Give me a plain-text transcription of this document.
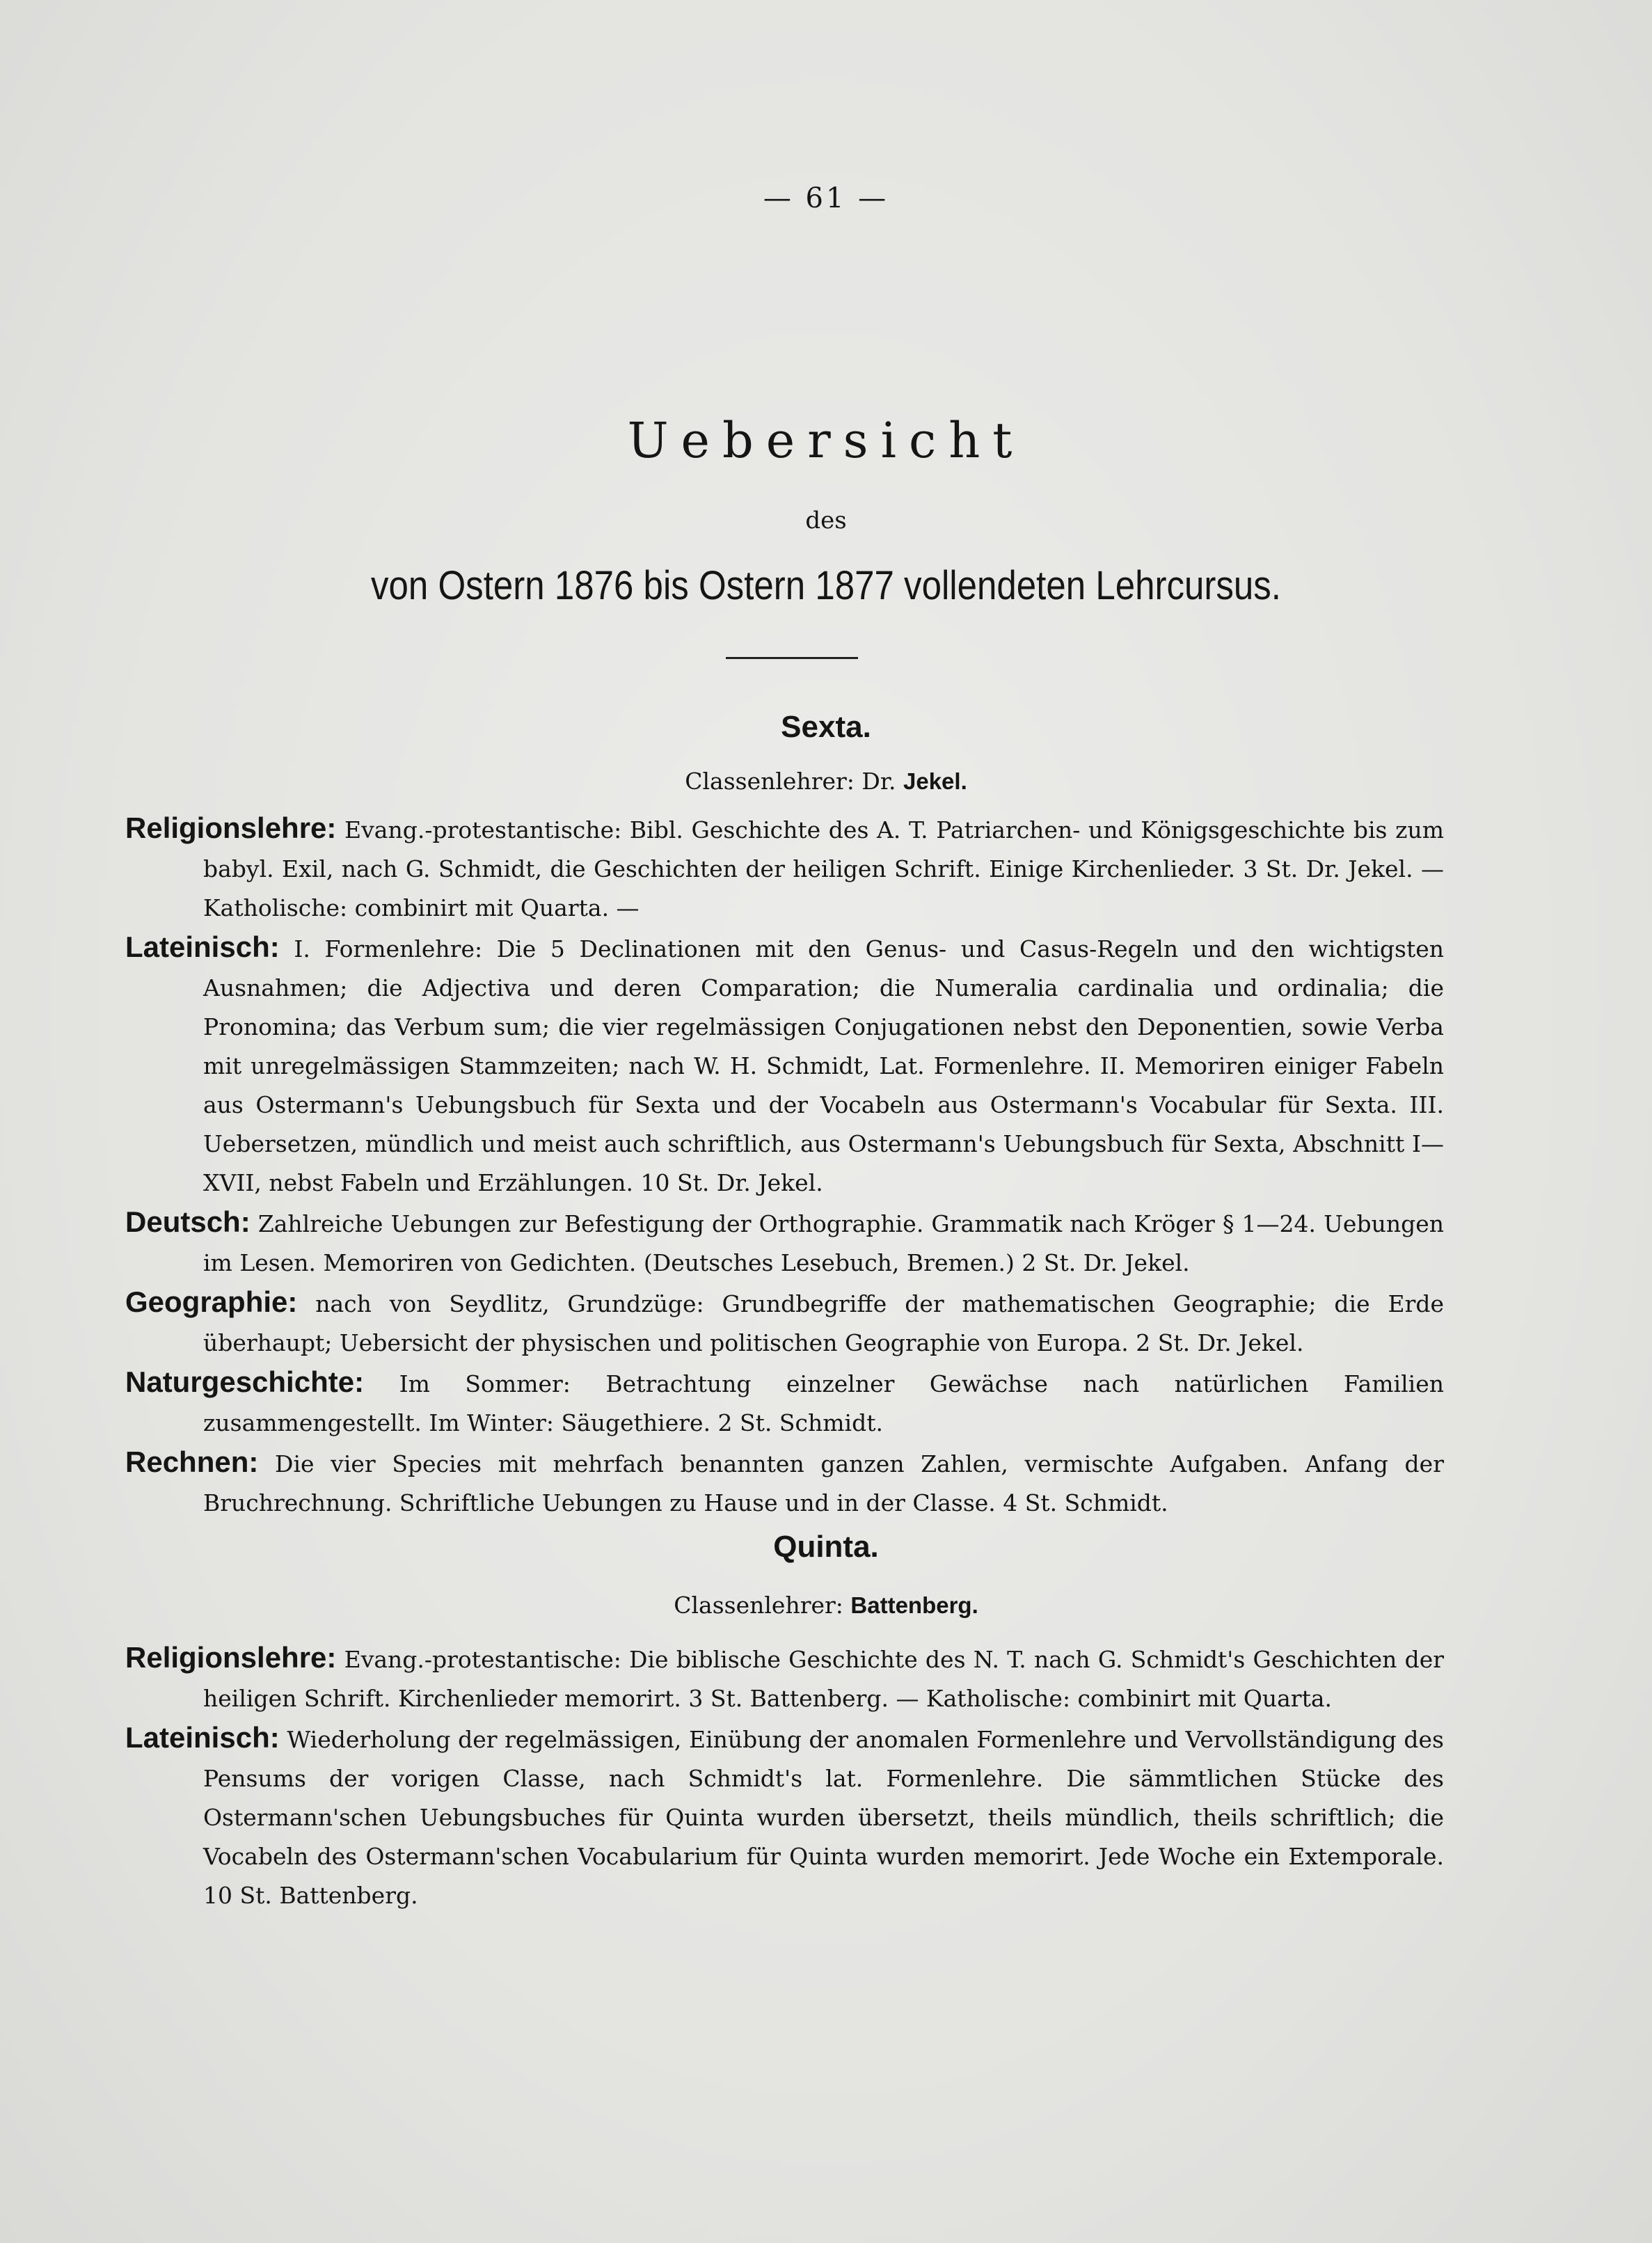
— 61 —
Uebersicht
des
von Ostern 1876 bis Ostern 1877 vollendeten Lehrcursus.
Sexta.
Classenlehrer: Dr. Jekel.
Religionslehre: Evang.-protestantische: Bibl. Geschichte des A. T. Patriarchen- und Königsgeschichte bis zum babyl. Exil, nach G. Schmidt, die Geschichten der heiligen Schrift. Einige Kirchenlieder. 3 St. Dr. Jekel. — Katholische: combinirt mit Quarta. —
Lateinisch: I. Formenlehre: Die 5 Declinationen mit den Genus- und Casus-Regeln und den wichtigsten Ausnahmen; die Adjectiva und deren Comparation; die Numeralia cardinalia und ordinalia; die Pronomina; das Verbum sum; die vier regelmässigen Conjugationen nebst den Deponentien, sowie Verba mit unregelmässigen Stammzeiten; nach W. H. Schmidt, Lat. Formenlehre. II. Memoriren einiger Fabeln aus Ostermann's Uebungsbuch für Sexta und der Vocabeln aus Ostermann's Vocabular für Sexta. III. Uebersetzen, mündlich und meist auch schriftlich, aus Ostermann's Uebungsbuch für Sexta, Abschnitt I—XVII, nebst Fabeln und Erzählungen. 10 St. Dr. Jekel.
Deutsch: Zahlreiche Uebungen zur Befestigung der Orthographie. Grammatik nach Kröger § 1—24. Uebungen im Lesen. Memoriren von Gedichten. (Deutsches Lesebuch, Bremen.) 2 St. Dr. Jekel.
Geographie: nach von Seydlitz, Grundzüge: Grundbegriffe der mathematischen Geographie; die Erde überhaupt; Uebersicht der physischen und politischen Geographie von Europa. 2 St. Dr. Jekel.
Naturgeschichte: Im Sommer: Betrachtung einzelner Gewächse nach natürlichen Familien zusammengestellt. Im Winter: Säugethiere. 2 St. Schmidt.
Rechnen: Die vier Species mit mehrfach benannten ganzen Zahlen, vermischte Aufgaben. Anfang der Bruchrechnung. Schriftliche Uebungen zu Hause und in der Classe. 4 St. Schmidt.
Quinta.
Classenlehrer: Battenberg.
Religionslehre: Evang.-protestantische: Die biblische Geschichte des N. T. nach G. Schmidt's Geschichten der heiligen Schrift. Kirchenlieder memorirt. 3 St. Battenberg. — Katholische: combinirt mit Quarta.
Lateinisch: Wiederholung der regelmässigen, Einübung der anomalen Formenlehre und Vervollständigung des Pensums der vorigen Classe, nach Schmidt's lat. Formenlehre. Die sämmtlichen Stücke des Ostermann'schen Uebungsbuches für Quinta wurden übersetzt, theils mündlich, theils schriftlich; die Vocabeln des Ostermann'schen Vocabularium für Quinta wurden memorirt. Jede Woche ein Extemporale. 10 St. Battenberg.
